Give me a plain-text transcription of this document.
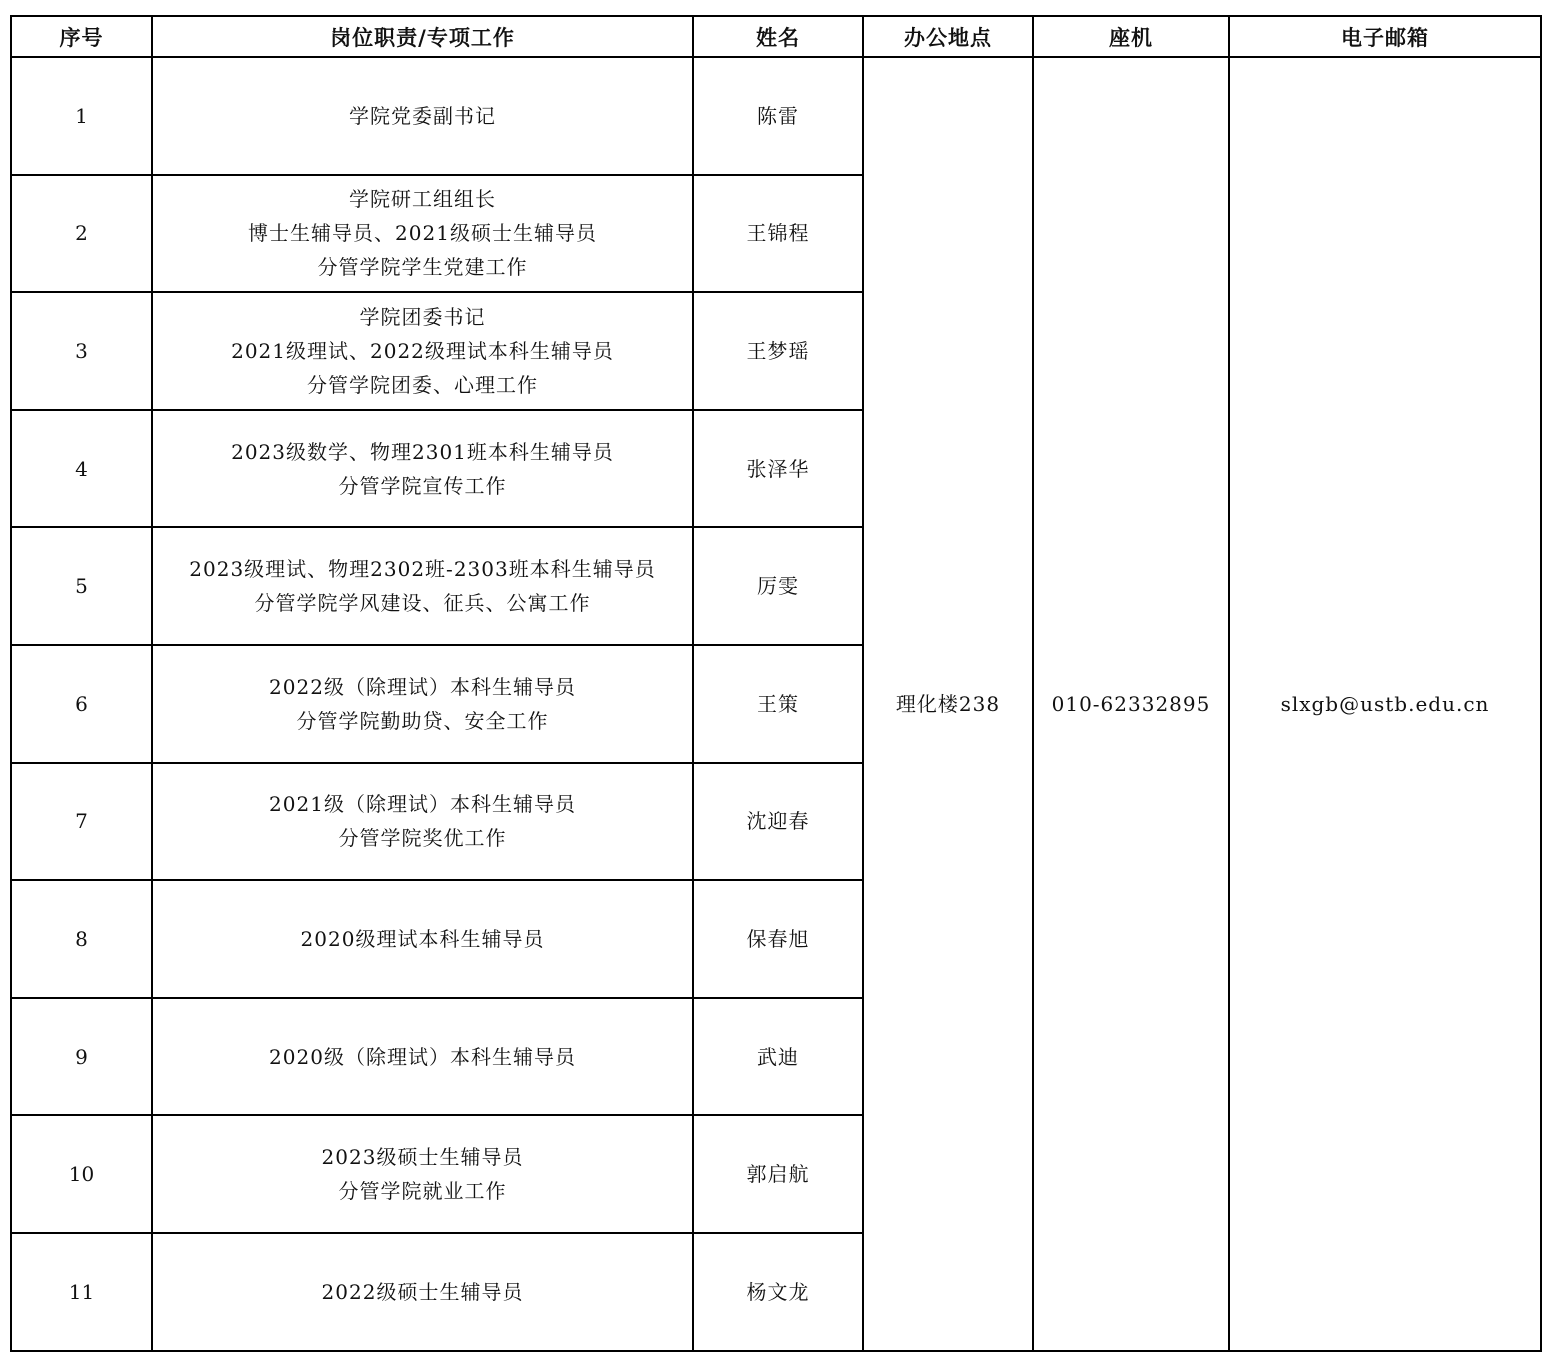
序号	岗位职责/专项工作	姓名	办公地点	座机	电子邮箱
1	学院党委副书记	陈雷	理化楼238	010-62332895	slxgb@ustb.edu.cn
2	学院研工组组长
博士生辅导员、2021级硕士生辅导员
分管学院学生党建工作	王锦程			
3	学院团委书记
2021级理试、2022级理试本科生辅导员
分管学院团委、心理工作	王梦瑶			
4	2023级数学、物理2301班本科生辅导员
分管学院宣传工作	张泽华			
5	2023级理试、物理2302班-2303班本科生辅导员
分管学院学风建设、征兵、公寓工作	厉雯			
6	2022级（除理试）本科生辅导员
分管学院勤助贷、安全工作	王策			
7	2021级（除理试）本科生辅导员
分管学院奖优工作	沈迎春			
8	2020级理试本科生辅导员	保春旭			
9	2020级（除理试）本科生辅导员	武迪			
10	2023级硕士生辅导员
分管学院就业工作	郭启航			
11	2022级硕士生辅导员	杨文龙			
